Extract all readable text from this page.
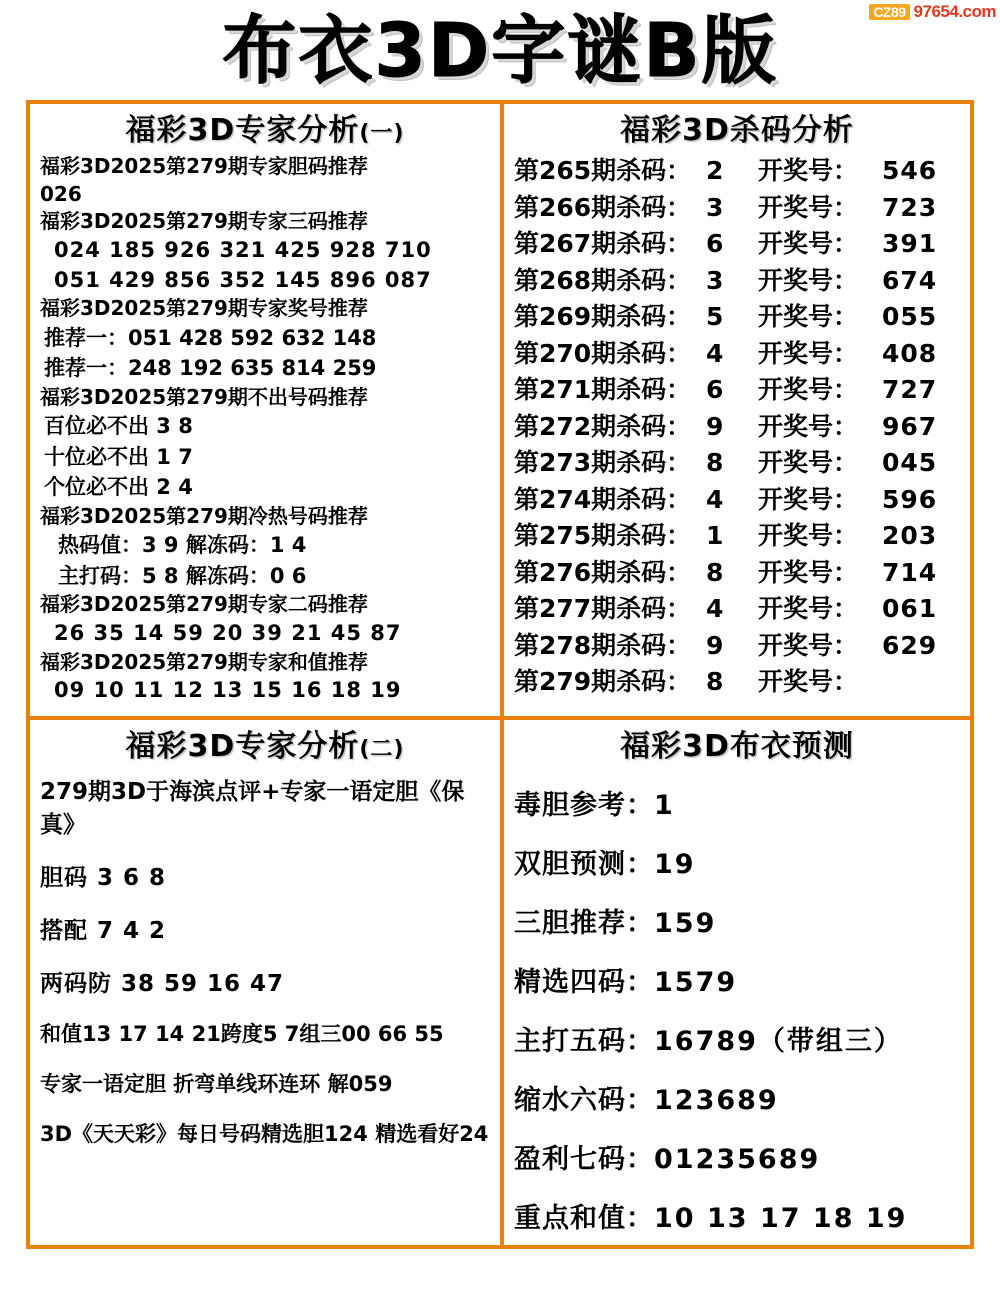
CZ89 97654.com
布衣3D字谜B版
福彩3D专家分析(一)
福彩3D2025第279期专家胆码推荐
026
福彩3D2025第279期专家三码推荐
024 185 926 321 425 928 710
051 429 856 352 145 896 087
福彩3D2025第279期专家奖号推荐
推荐一：051 428 592 632 148
推荐一：248 192 635 814 259
福彩3D2025第279期不出号码推荐
百位必不出 3 8
十位必不出 1 7
个位必不出 2 4
福彩3D2025第279期冷热号码推荐
热码值：3 9 解冻码：1 4
主打码：5 8 解冻码：0 6
福彩3D2025第279期专家二码推荐
26 35 14 59 20 39 21 45 87
福彩3D2025第279期专家和值推荐
09 10 11 12 13 15 16 18 19
福彩3D杀码分析
第265期杀码： 2	开奖号： 546
第266期杀码： 3	开奖号： 723
第267期杀码： 6	开奖号： 391
第268期杀码： 3	开奖号： 674
第269期杀码： 5	开奖号： 055
第270期杀码： 4	开奖号： 408
第271期杀码： 6	开奖号： 727
第272期杀码： 9	开奖号： 967
第273期杀码： 8	开奖号： 045
第274期杀码： 4	开奖号： 596
第275期杀码： 1	开奖号： 203
第276期杀码： 8	开奖号： 714
第277期杀码： 4	开奖号： 061
第278期杀码： 9	开奖号： 629
第279期杀码： 8	开奖号：
福彩3D专家分析(二)
279期3D于海滨点评+专家一语定胆《保真》
胆码 3 6 8
搭配 7 4 2
两码防 38 59 16 47
和值13 17 14 21跨度5 7组三00 66 55
专家一语定胆 折弯单线环连环 解059
3D《天天彩》每日号码精选胆124 精选看好24
福彩3D布衣预测
毒胆参考：1
双胆预测：19
三胆推荐：159
精选四码：1579
主打五码：16789（带组三）
缩水六码：123689
盈利七码：01235689
重点和值：10 13 17 18 19
